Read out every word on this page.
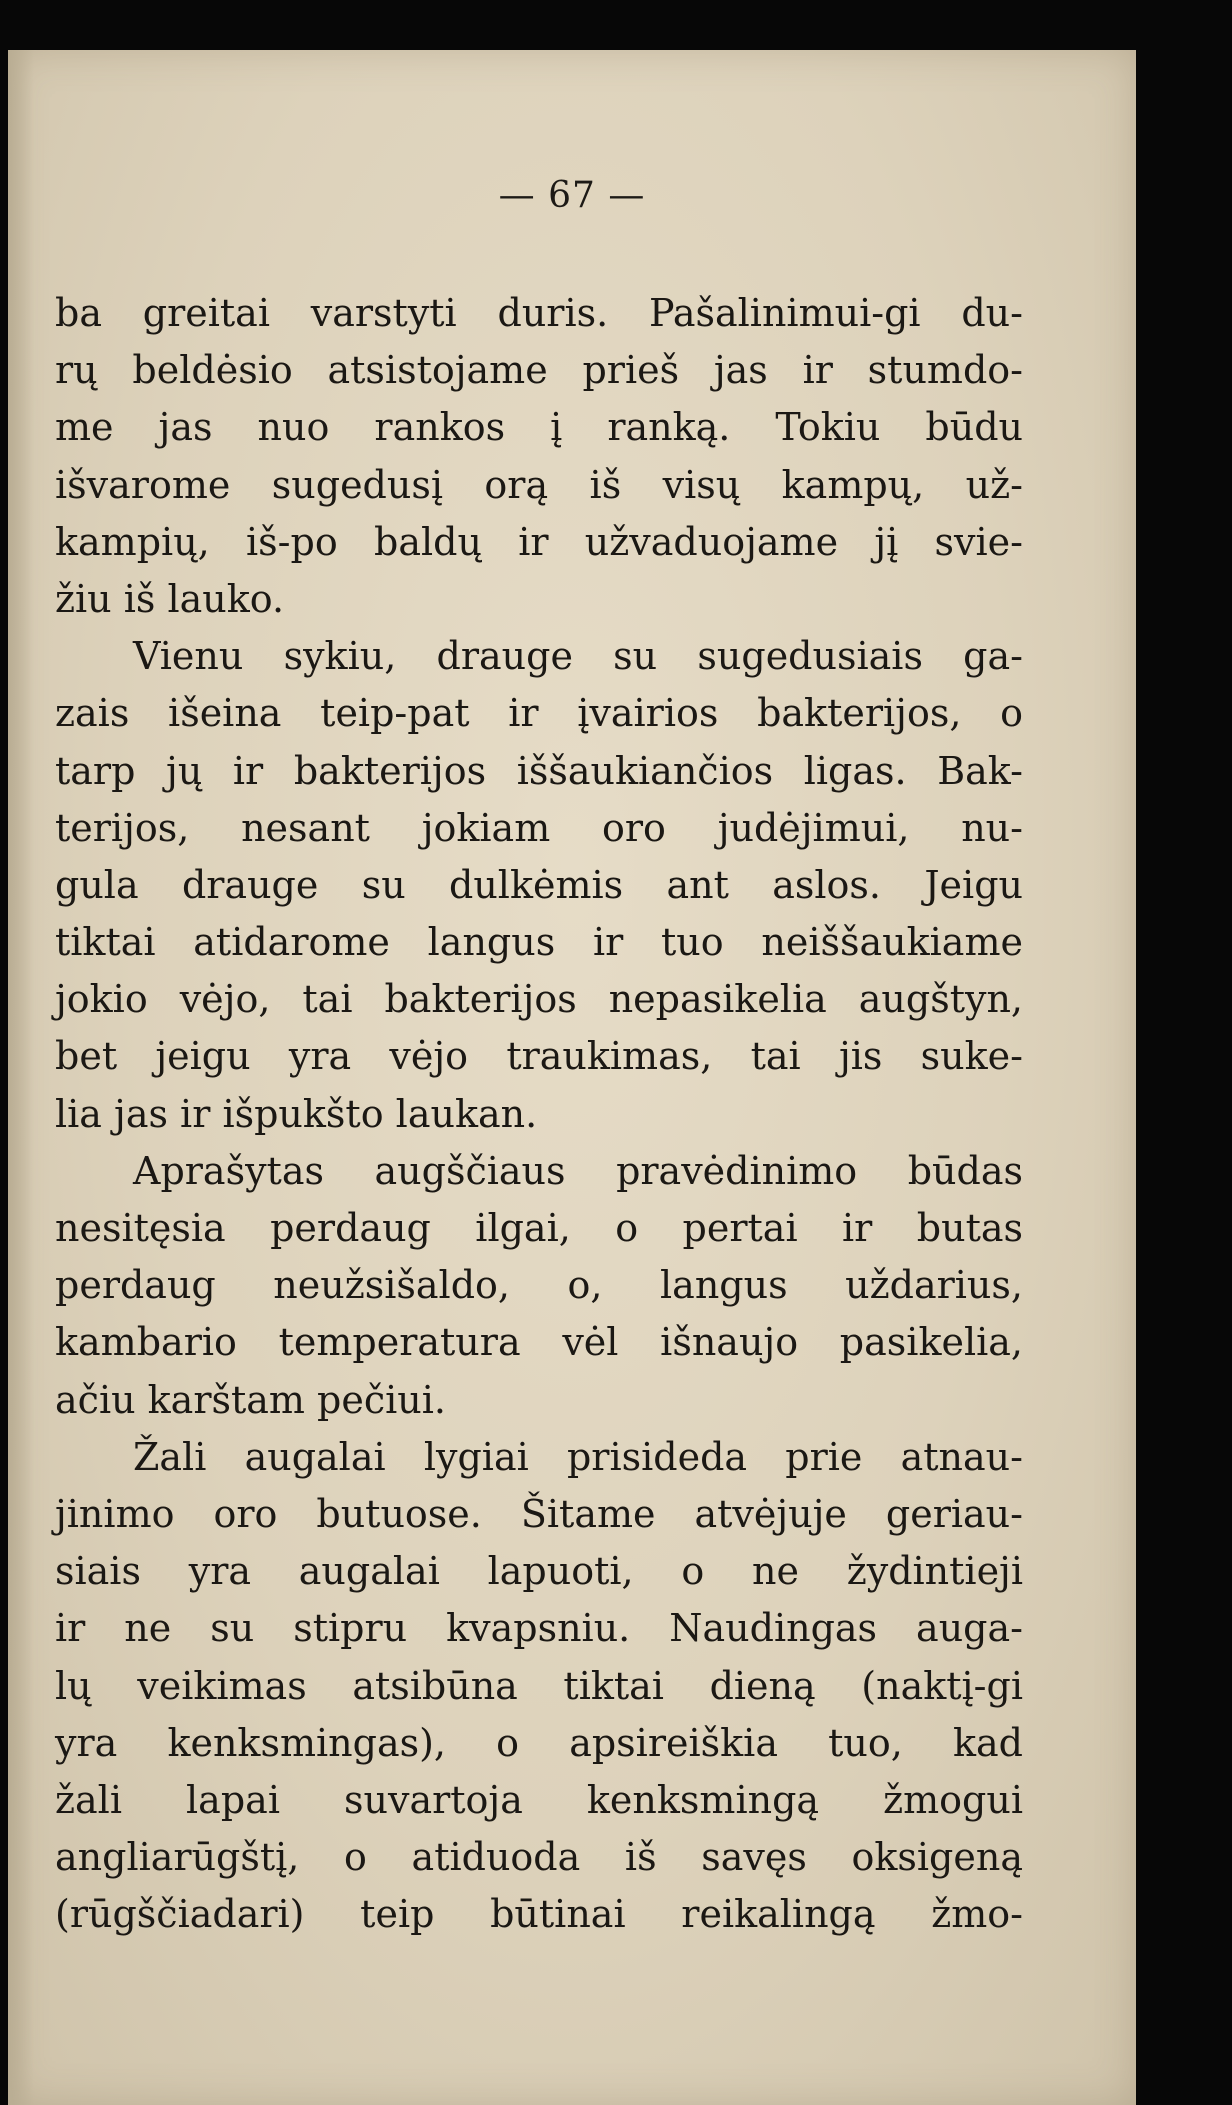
— 67 —
ba greitai varstyti duris. Pašalinimui-gi du-
rų beldėsio atsistojame prieš jas ir stumdo-
me jas nuo rankos į ranką. Tokiu būdu
išvarome sugedusį orą iš visų kampų, už-
kampių, iš-po baldų ir užvaduojame jį svie-
žiu iš lauko.
Vienu sykiu, drauge su sugedusiais ga-
zais išeina teip-pat ir įvairios bakterijos, o
tarp jų ir bakterijos iššaukiančios ligas. Bak-
terijos, nesant jokiam oro judėjimui, nu-
gula drauge su dulkėmis ant aslos. Jeigu
tiktai atidarome langus ir tuo neiššaukiame
jokio vėjo, tai bakterijos nepasikelia augštyn,
bet jeigu yra vėjo traukimas, tai jis suke-
lia jas ir išpukšto laukan.
Aprašytas augščiaus pravėdinimo būdas
nesitęsia perdaug ilgai, o pertai ir butas
perdaug neužsišaldo, o, langus uždarius,
kambario temperatura vėl išnaujo pasikelia,
ačiu karštam pečiui.
Žali augalai lygiai prisideda prie atnau-
jinimo oro butuose. Šitame atvėjuje geriau-
siais yra augalai lapuoti, o ne žydintieji
ir ne su stipru kvapsniu. Naudingas auga-
lų veikimas atsibūna tiktai dieną (naktį-gi
yra kenksmingas), o apsireiškia tuo, kad
žali lapai suvartoja kenksmingą žmogui
angliarūgštį, o atiduoda iš savęs oksigeną
(rūgščiadari) teip būtinai reikalingą žmo-
